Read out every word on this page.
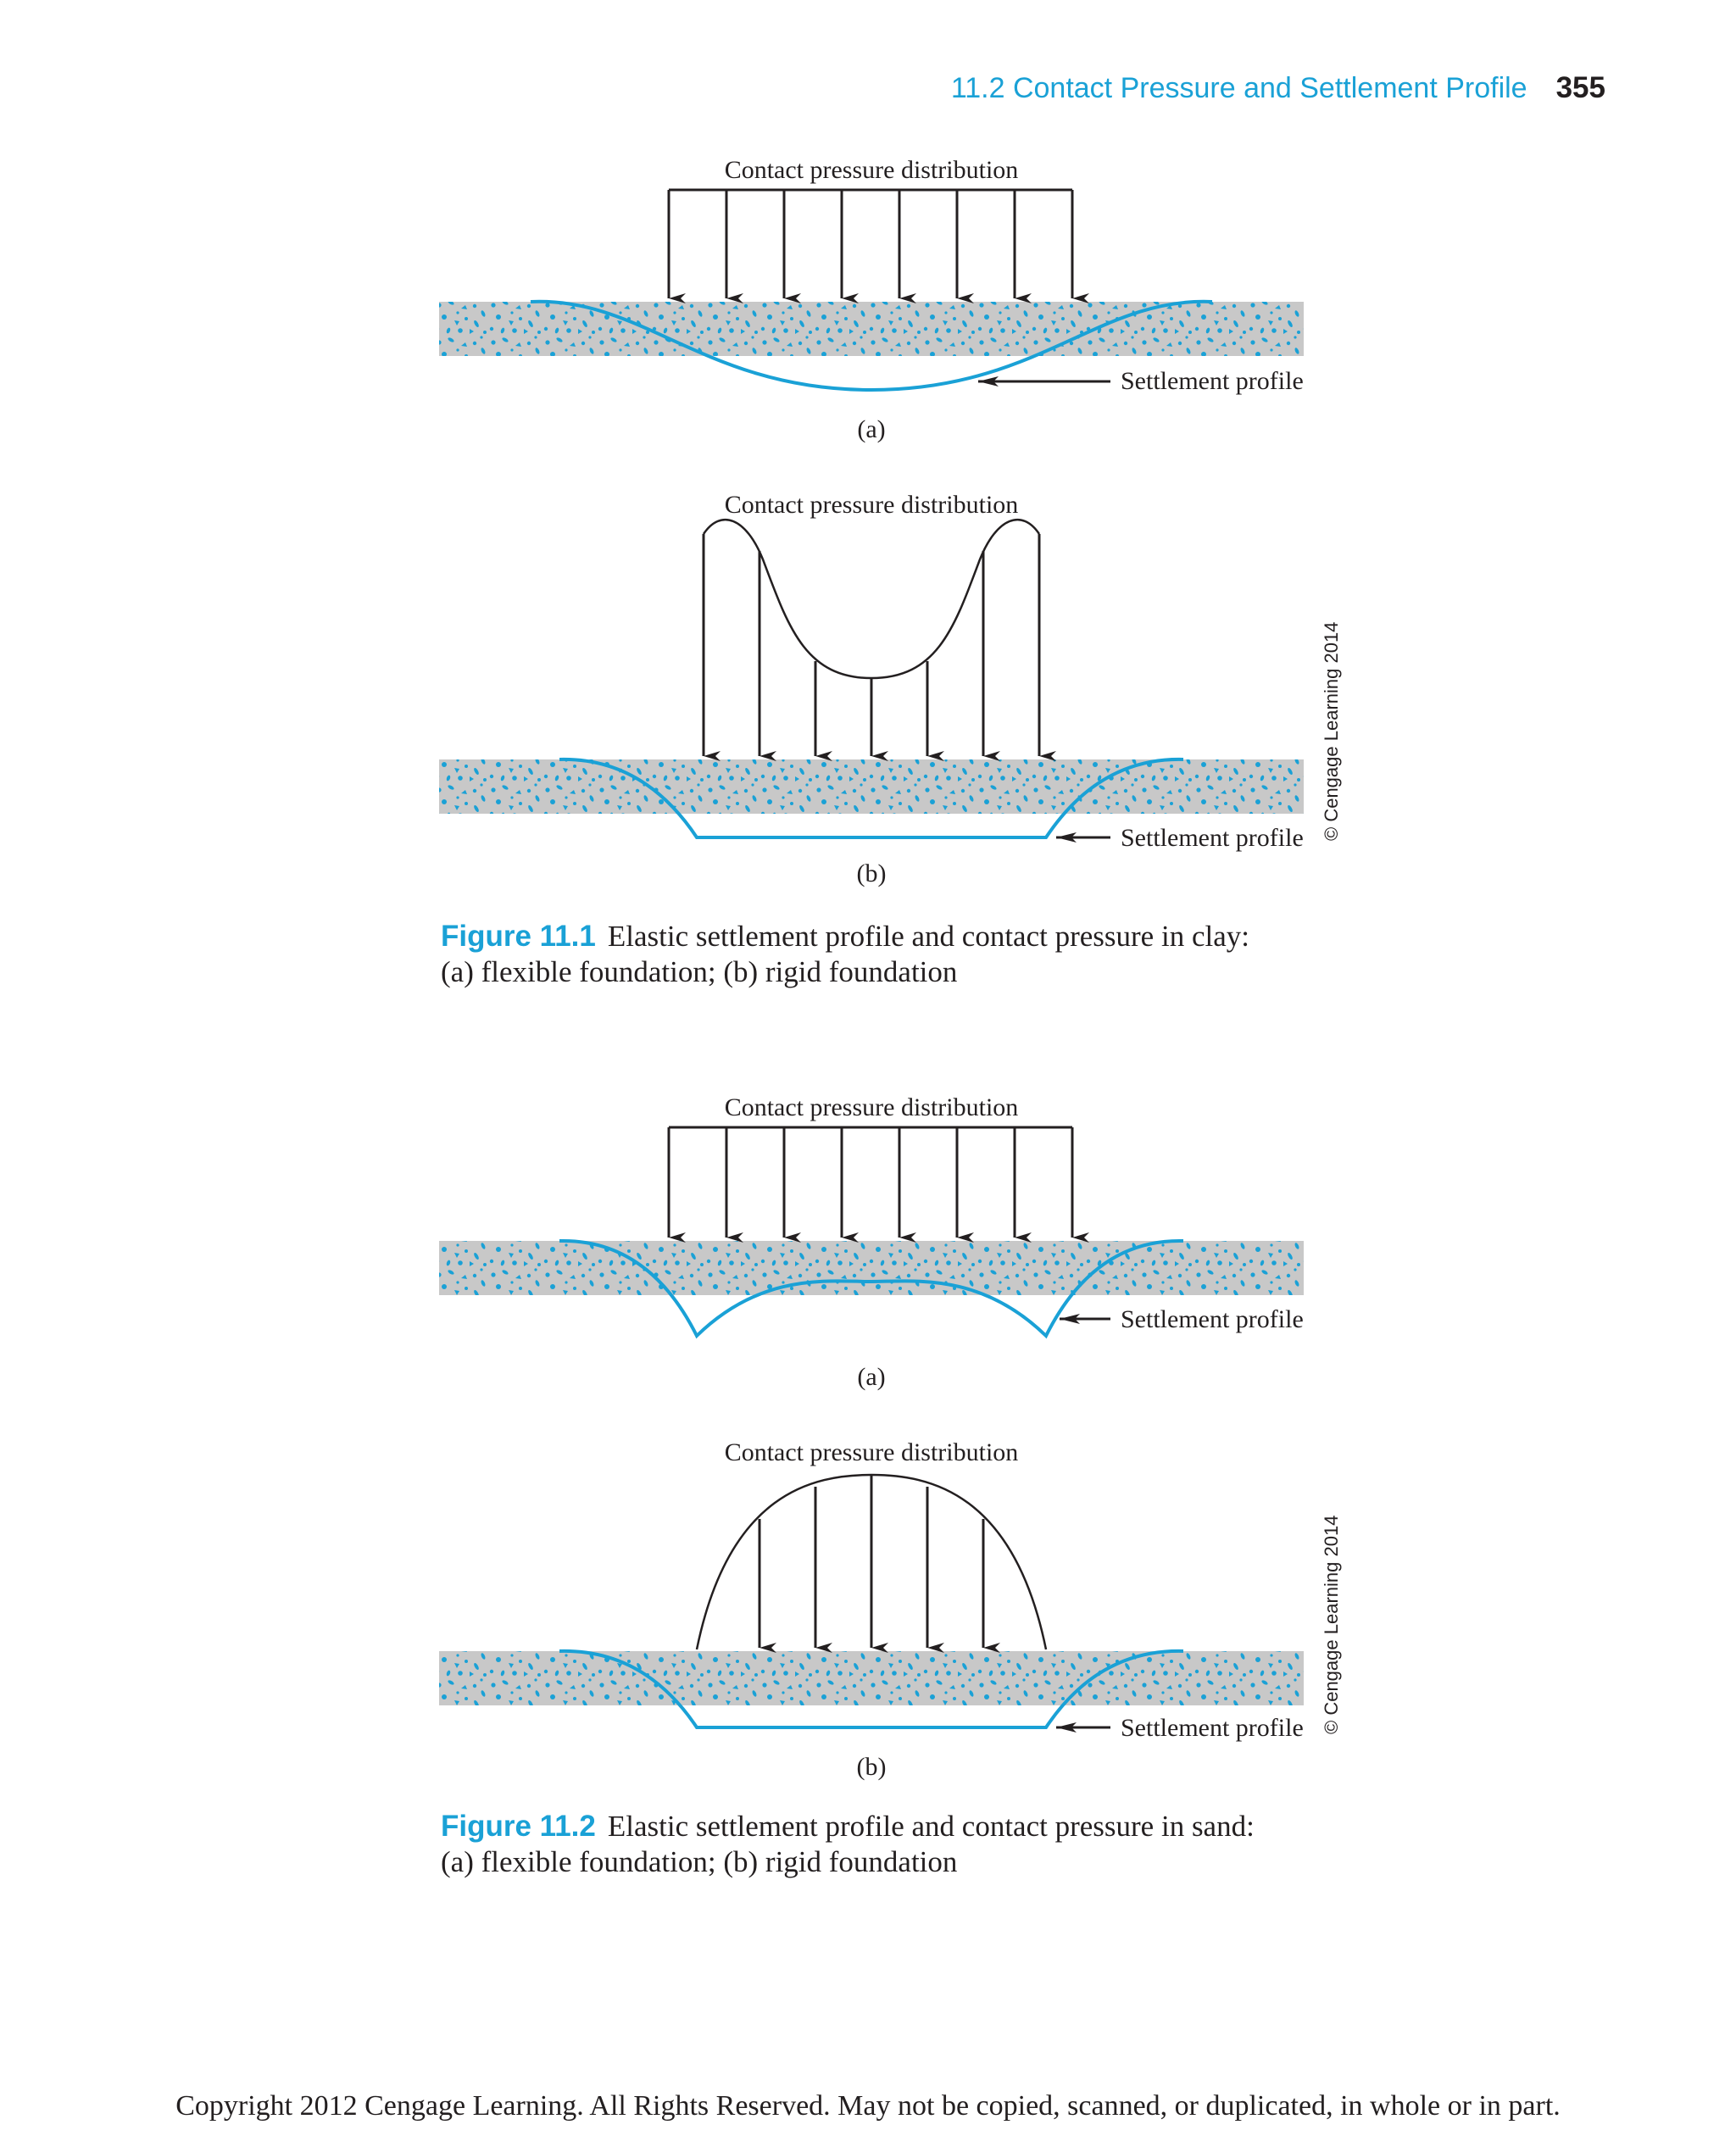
11.2 Contact Pressure and Settlement Profile 355
Contact pressure distribution
Settlement profile
(a)
Contact pressure distribution
Settlement profile
(b)
© Cengage Learning 2014
Contact pressure distribution
Settlement profile
(a)
Contact pressure distribution
Settlement profile
(b)
© Cengage Learning 2014
Figure 11.1 Elastic settlement profile and contact pressure in clay:
(a) flexible foundation; (b) rigid foundation
Figure 11.2 Elastic settlement profile and contact pressure in sand:
(a) flexible foundation; (b) rigid foundation
Copyright 2012 Cengage Learning. All Rights Reserved. May not be copied, scanned, or duplicated, in whole or in part.
